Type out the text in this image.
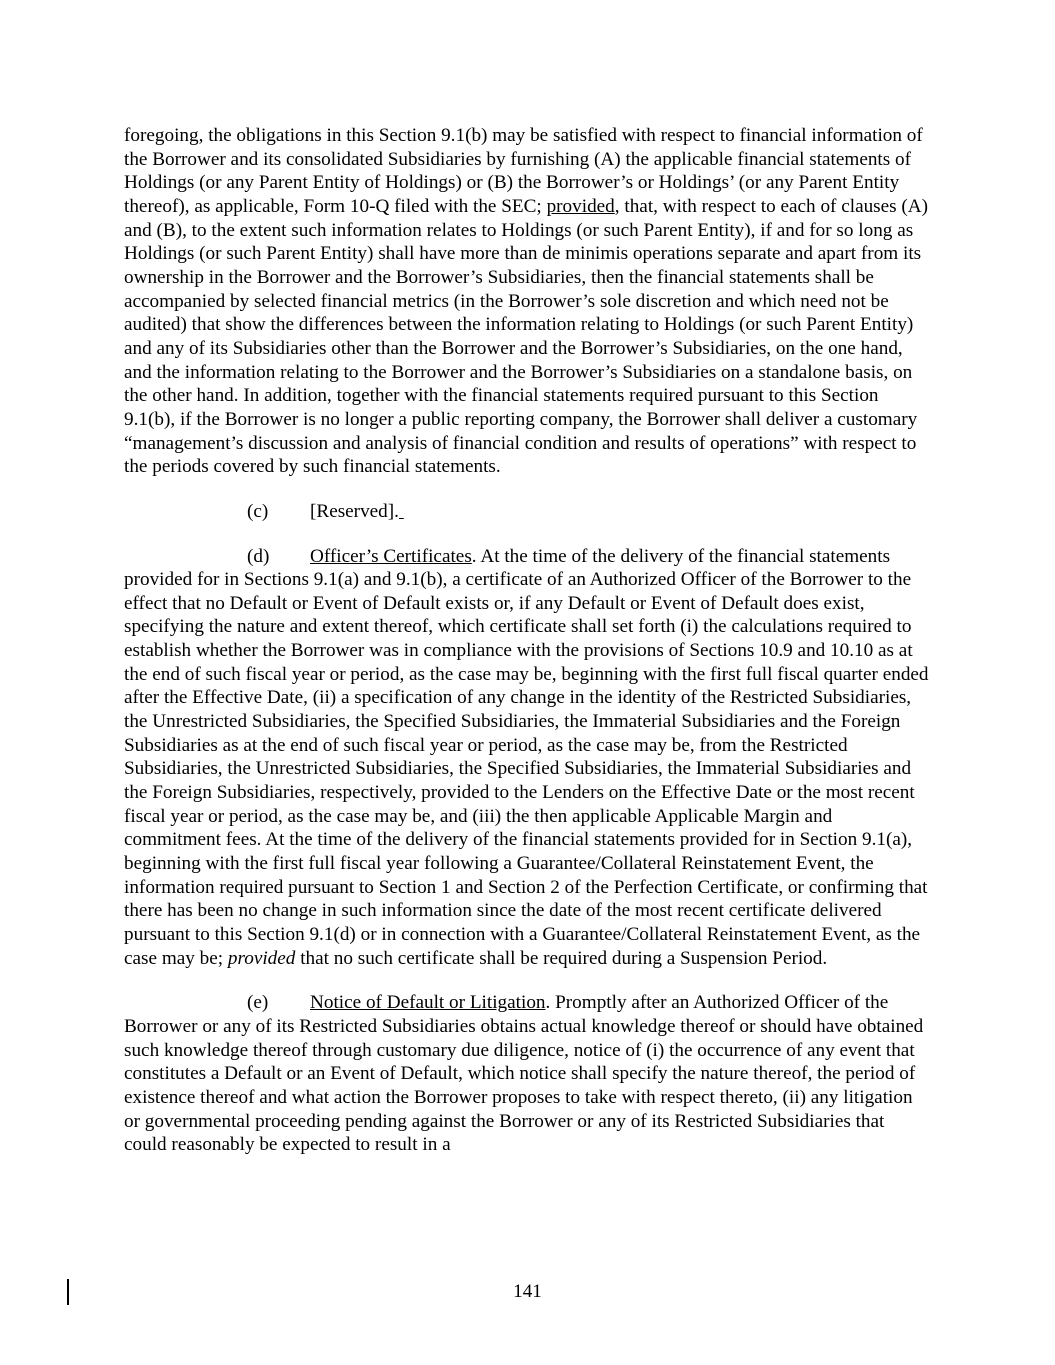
foregoing, the obligations in this Section 9.1(b) may be satisfied with respect to financial information of the Borrower and its consolidated Subsidiaries by furnishing (A) the applicable financial statements of Holdings (or any Parent Entity of Holdings) or (B) the Borrower’s or Holdings’ (or any Parent Entity thereof), as applicable, Form 10-Q filed with the SEC; provided, that, with respect to each of clauses (A) and (B), to the extent such information relates to Holdings (or such Parent Entity), if and for so long as Holdings (or such Parent Entity) shall have more than de minimis operations separate and apart from its ownership in the Borrower and the Borrower’s Subsidiaries, then the financial statements shall be accompanied by selected financial metrics (in the Borrower’s sole discretion and which need not be audited) that show the differences between the information relating to Holdings (or such Parent Entity) and any of its Subsidiaries other than the Borrower and the Borrower’s Subsidiaries, on the one hand, and the information relating to the Borrower and the Borrower’s Subsidiaries on a standalone basis, on the other hand. In addition, together with the financial statements required pursuant to this Section 9.1(b), if the Borrower is no longer a public reporting company, the Borrower shall deliver a customary “management’s discussion and analysis of financial condition and results of operations” with respect to the periods covered by such financial statements.

(c) [Reserved].

(d) Officer’s Certificates. At the time of the delivery of the financial statements provided for in Sections 9.1(a) and 9.1(b), a certificate of an Authorized Officer of the Borrower to the effect that no Default or Event of Default exists or, if any Default or Event of Default does exist, specifying the nature and extent thereof, which certificate shall set forth (i) the calculations required to establish whether the Borrower was in compliance with the provisions of Sections 10.9 and 10.10 as at the end of such fiscal year or period, as the case may be, beginning with the first full fiscal quarter ended after the Effective Date, (ii) a specification of any change in the identity of the Restricted Subsidiaries, the Unrestricted Subsidiaries, the Specified Subsidiaries, the Immaterial Subsidiaries and the Foreign Subsidiaries as at the end of such fiscal year or period, as the case may be, from the Restricted Subsidiaries, the Unrestricted Subsidiaries, the Specified Subsidiaries, the Immaterial Subsidiaries and the Foreign Subsidiaries, respectively, provided to the Lenders on the Effective Date or the most recent fiscal year or period, as the case may be, and (iii) the then applicable Applicable Margin and commitment fees. At the time of the delivery of the financial statements provided for in Section 9.1(a), beginning with the first full fiscal year following a Guarantee/Collateral Reinstatement Event, the information required pursuant to Section 1 and Section 2 of the Perfection Certificate, or confirming that there has been no change in such information since the date of the most recent certificate delivered pursuant to this Section 9.1(d) or in connection with a Guarantee/Collateral Reinstatement Event, as the case may be; provided that no such certificate shall be required during a Suspension Period.

(e) Notice of Default or Litigation. Promptly after an Authorized Officer of the Borrower or any of its Restricted Subsidiaries obtains actual knowledge thereof or should have obtained such knowledge thereof through customary due diligence, notice of (i) the occurrence of any event that constitutes a Default or an Event of Default, which notice shall specify the nature thereof, the period of existence thereof and what action the Borrower proposes to take with respect thereto, (ii) any litigation or governmental proceeding pending against the Borrower or any of its Restricted Subsidiaries that could reasonably be expected to result in a

141
